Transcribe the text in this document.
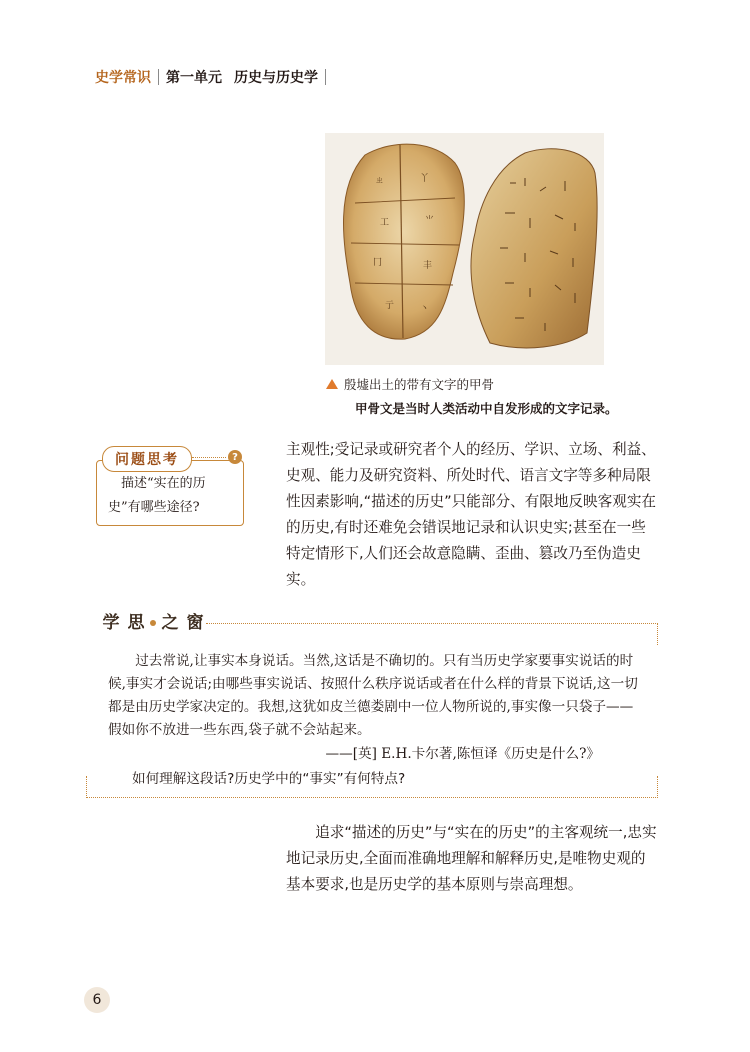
史学常识 第一单元 历史与历史学
ㄓ	丫
工	⺌
冂	丰
亍	丶
殷墟出土的带有文字的甲骨
甲骨文是当时人类活动中自发形成的文字记录。
问题思考	?
描述“实在的历史”有哪些途径?
主观性;受记录或研究者个人的经历、学识、立场、利益、史观、能力及研究资料、所处时代、语言文字等多种局限性因素影响,“描述的历史”只能部分、有限地反映客观实在的历史,有时还难免会错误地记录和认识史实;甚至在一些特定情形下,人们还会故意隐瞒、歪曲、篡改乃至伪造史实。
学 思 之 窗
过去常说,让事实本身说话。当然,这话是不确切的。只有当历史学家要事实说话的时候,事实才会说话;由哪些事实说话、按照什么秩序说话或者在什么样的背景下说话,这一切都是由历史学家决定的。我想,这犹如皮兰德娄剧中一位人物所说的,事实像一只袋子——假如你不放进一些东西,袋子就不会站起来。
——[英] E.H.卡尔著,陈恒译《历史是什么?》
如何理解这段话?历史学中的“事实”有何特点?
追求“描述的历史”与“实在的历史”的主客观统一,忠实地记录历史,全面而准确地理解和解释历史,是唯物史观的基本要求,也是历史学的基本原则与崇高理想。
6
